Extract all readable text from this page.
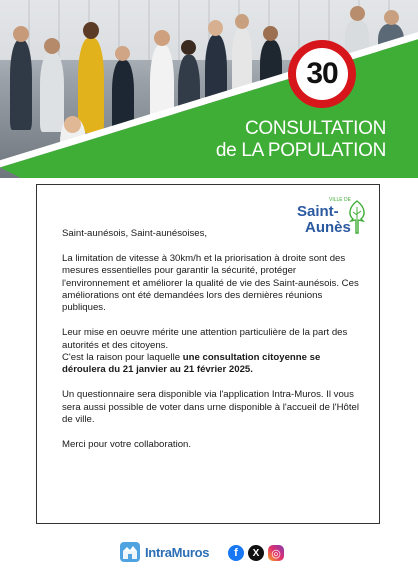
30
CONSULTATION
de LA POPULATION
VILLE DE
Saint-
Aunès

Saint-aunésois, Saint-aunésoises,

La limitation de vitesse à 30km/h et la priorisation à droite sont des mesures essentielles pour garantir la sécurité, protéger l'environnement et améliorer la qualité de vie des Saint-aunésois. Ces améliorations ont été demandées lors des dernières réunions publiques.

Leur mise en oeuvre mérite une attention particulière de la part des autorités et des citoyens.
C'est la raison pour laquelle une consultation citoyenne se déroulera du 21 janvier au 21 février 2025.

Un questionnaire sera disponible via l'application Intra-Muros. Il vous sera aussi possible de voter dans urne disponible à l'accueil de l'Hôtel de ville.

Merci pour votre collaboration.

IntraMuros	f	X	◎
